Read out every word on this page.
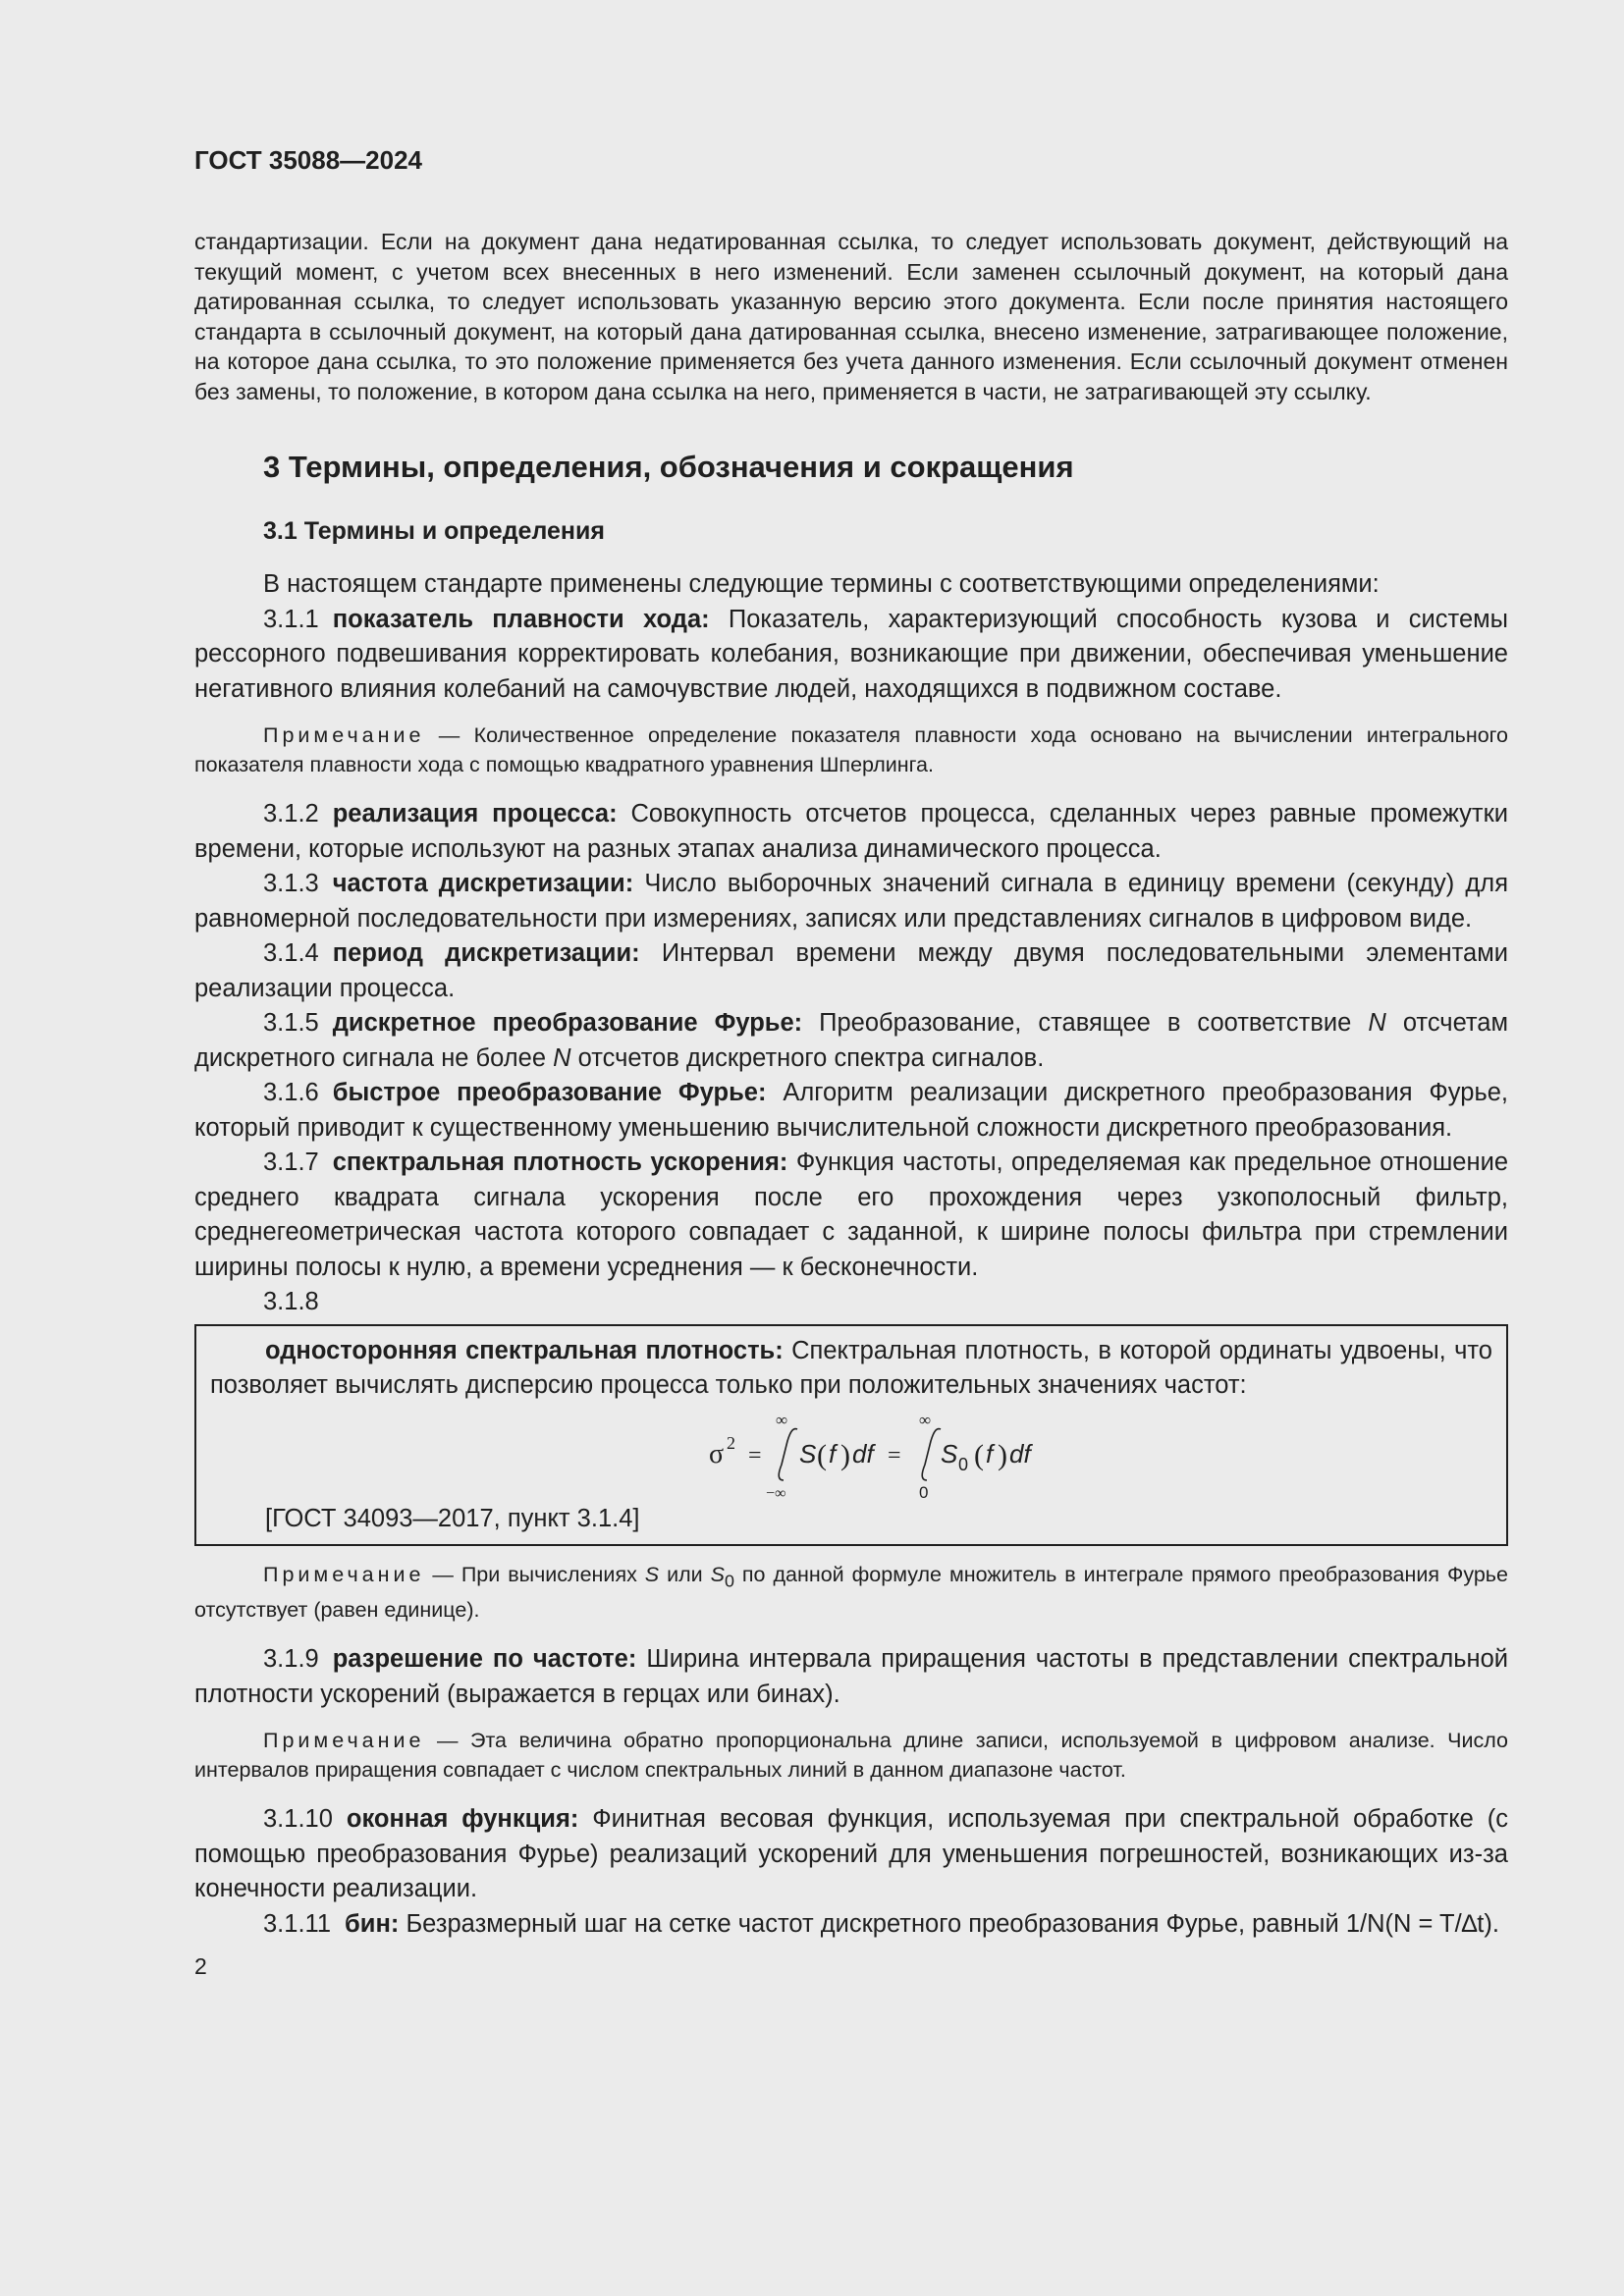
ГОСТ 35088—2024

стандартизации. Если на документ дана недатированная ссылка, то следует использовать документ, действующий на текущий момент, с учетом всех внесенных в него изменений. Если заменен ссылочный документ, на который дана датированная ссылка, то следует использовать указанную версию этого документа. Если после принятия настоящего стандарта в ссылочный документ, на который дана датированная ссылка, внесено изменение, затрагивающее положение, на которое дана ссылка, то это положение применяется без учета данного изменения. Если ссылочный документ отменен без замены, то положение, в котором дана ссылка на него, применяется в части, не затрагивающей эту ссылку.

3 Термины, определения, обозначения и сокращения
3.1 Термины и определения

В настоящем стандарте применены следующие термины с соответствующими определениями:

3.1.1 показатель плавности хода: Показатель, характеризующий способность кузова и системы рессорного подвешивания корректировать колебания, возникающие при движении, обеспечивая уменьшение негативного влияния колебаний на самочувствие людей, находящихся в подвижном составе.

Примечание — Количественное определение показателя плавности хода основано на вычислении интегрального показателя плавности хода с помощью квадратного уравнения Шперлинга.

3.1.2 реализация процесса: Совокупность отсчетов процесса, сделанных через равные промежутки времени, которые используют на разных этапах анализа динамического процесса.

3.1.3 частота дискретизации: Число выборочных значений сигнала в единицу времени (секунду) для равномерной последовательности при измерениях, записях или представлениях сигналов в цифровом виде.

3.1.4 период дискретизации: Интервал времени между двумя последовательными элементами реализации процесса.

3.1.5 дискретное преобразование Фурье: Преобразование, ставящее в соответствие N отсчетам дискретного сигнала не более N отсчетов дискретного спектра сигналов.

3.1.6 быстрое преобразование Фурье: Алгоритм реализации дискретного преобразования Фурье, который приводит к существенному уменьшению вычислительной сложности дискретного преобразования.

3.1.7 спектральная плотность ускорения: Функция частоты, определяемая как предельное отношение среднего квадрата сигнала ускорения после его прохождения через узкополосный фильтр, среднегеометрическая частота которого совпадает с заданной, к ширине полосы фильтра при стремлении ширины полосы к нулю, а времени усреднения — к бесконечности.

3.1.8

односторонняя спектральная плотность: Спектральная плотность, в которой ординаты удвоены, что позволяет вычислять дисперсию процесса только при положительных значениях частот:

σ 2 =
∞
−∞
S ( f ) df =
∞
0
S 0 ( f ) df
[ГОСТ 34093—2017, пункт 3.1.4]

Примечание — При вычислениях S или $S_0$ по данной формуле множитель в интеграле прямого преобразования Фурье отсутствует (равен единице).

3.1.9 разрешение по частоте: Ширина интервала приращения частоты в представлении спектральной плотности ускорений (выражается в герцах или бинах).

Примечание — Эта величина обратно пропорциональна длине записи, используемой в цифровом анализе. Число интервалов приращения совпадает с числом спектральных линий в данном диапазоне частот.

3.1.10 оконная функция: Финитная весовая функция, используемая при спектральной обработке (с помощью преобразования Фурье) реализаций ускорений для уменьшения погрешностей, возникающих из-за конечности реализации.

3.1.11 бин: Безразмерный шаг на сетке частот дискретного преобразования Фурье, равный 1/N(N = T/∆t).

2
